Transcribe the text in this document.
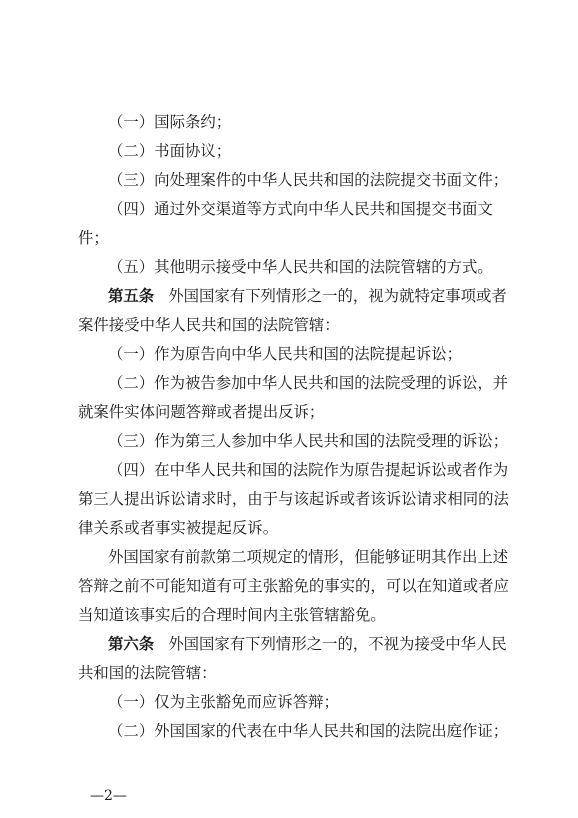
（一）国际条约；
（二）书面协议；
（三）向处理案件的中华人民共和国的法院提交书面文件；
（四）通过外交渠道等方式向中华人民共和国提交书面文
件；
（五）其他明示接受中华人民共和国的法院管辖的方式。
第五条 外国国家有下列情形之一的，视为就特定事项或者
案件接受中华人民共和国的法院管辖：
（一）作为原告向中华人民共和国的法院提起诉讼；
（二）作为被告参加中华人民共和国的法院受理的诉讼，并
就案件实体问题答辩或者提出反诉；
（三）作为第三人参加中华人民共和国的法院受理的诉讼；
（四）在中华人民共和国的法院作为原告提起诉讼或者作为
第三人提出诉讼请求时，由于与该起诉或者该诉讼请求相同的法
律关系或者事实被提起反诉。
外国国家有前款第二项规定的情形，但能够证明其作出上述
答辩之前不可能知道有可主张豁免的事实的，可以在知道或者应
当知道该事实后的合理时间内主张管辖豁免。
第六条 外国国家有下列情形之一的，不视为接受中华人民
共和国的法院管辖：
（一）仅为主张豁免而应诉答辩；
（二）外国国家的代表在中华人民共和国的法院出庭作证；
—2—
